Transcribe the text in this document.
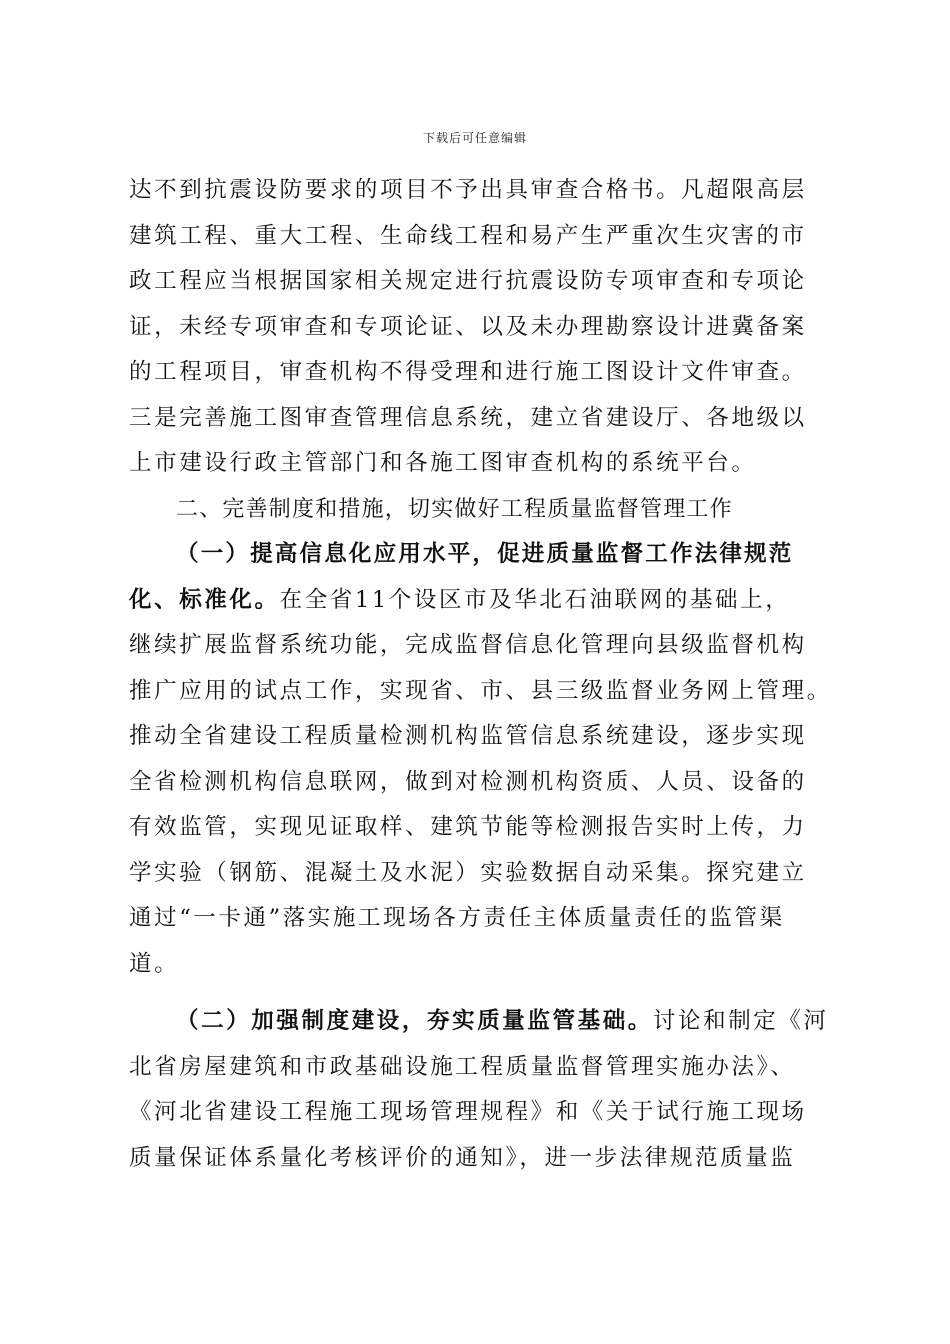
下载后可任意编辑
达不到抗震设防要求的项目不予出具审查合格书。凡超限高层
建筑工程、重大工程、生命线工程和易产生严重次生灾害的市
政工程应当根据国家相关规定进行抗震设防专项审查和专项论
证，未经专项审查和专项论证、以及未办理勘察设计进冀备案
的工程项目，审查机构不得受理和进行施工图设计文件审查。
三是完善施工图审查管理信息系统，建立省建设厅、各地级以
上市建设行政主管部门和各施工图审查机构的系统平台。
二、完善制度和措施，切实做好工程质量监督管理工作
（一）提高信息化应用水平，促进质量监督工作法律规范
化、标准化。在全省11个设区市及华北石油联网的基础上，
继续扩展监督系统功能，完成监督信息化管理向县级监督机构
推广应用的试点工作，实现省、市、县三级监督业务网上管理。
推动全省建设工程质量检测机构监管信息系统建设，逐步实现
全省检测机构信息联网，做到对检测机构资质、人员、设备的
有效监管，实现见证取样、建筑节能等检测报告实时上传，力
学实验（钢筋、混凝土及水泥）实验数据自动采集。探究建立
通过“一卡通”落实施工现场各方责任主体质量责任的监管渠
道。
（二）加强制度建设，夯实质量监管基础。讨论和制定《河
北省房屋建筑和市政基础设施工程质量监督管理实施办法》、
《河北省建设工程施工现场管理规程》和《关于试行施工现场
质量保证体系量化考核评价的通知》，进一步法律规范质量监
